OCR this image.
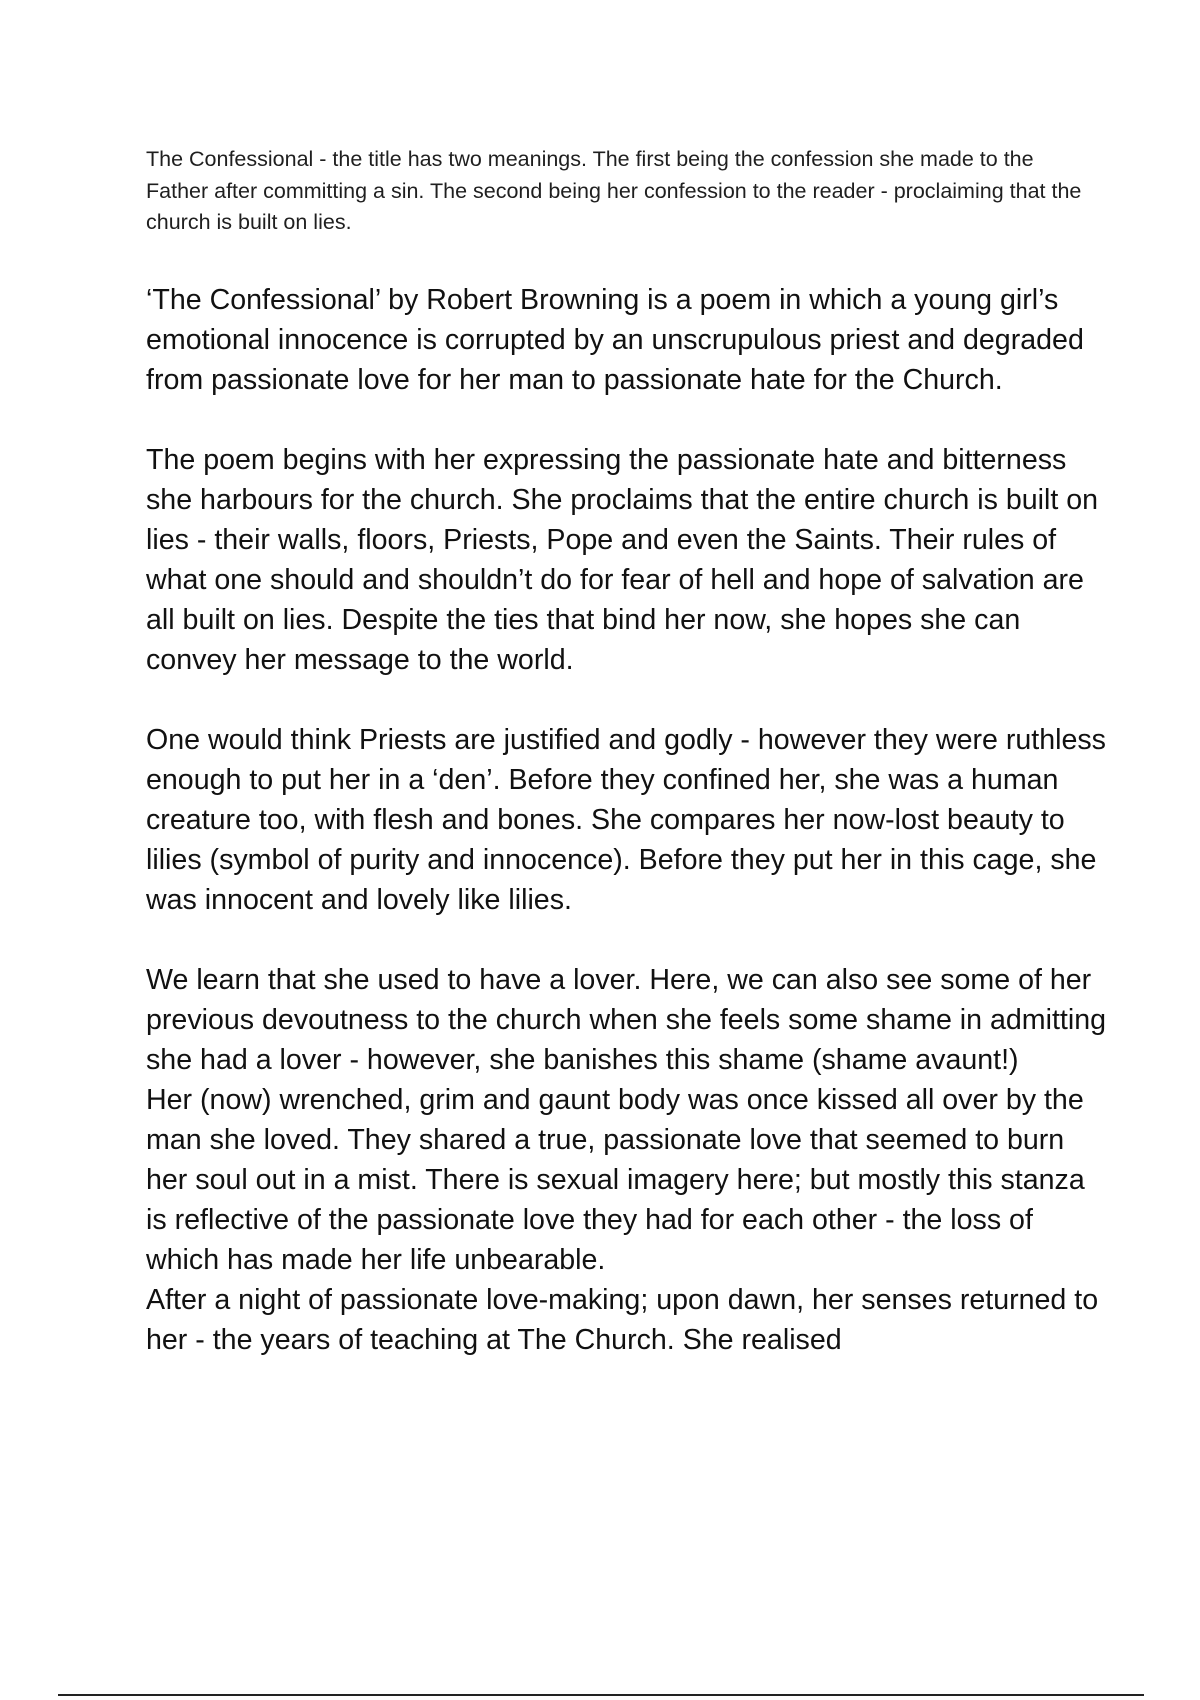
The Confessional - the title has two meanings. The first being the confession she made to the Father after committing a sin. The second being her confession to the reader - proclaiming that the church is built on lies.

‘The Confessional’ by Robert Browning is a poem in which a young girl’s emotional innocence is corrupted by an unscrupulous priest and degraded from passionate love for her man to passionate hate for the Church.

The poem begins with her expressing the passionate hate and bitterness she harbours for the church. She proclaims that the entire church is built on lies - their walls, floors, Priests, Pope and even the Saints. Their rules of what one should and shouldn’t do for fear of hell and hope of salvation are all built on lies. Despite the ties that bind her now, she hopes she can convey her message to the world.

One would think Priests are justified and godly - however they were ruthless enough to put her in a ‘den’. Before they confined her, she was a human creature too, with flesh and bones. She compares her now-lost beauty to lilies (symbol of purity and innocence). Before they put her in this cage, she was innocent and lovely like lilies.

We learn that she used to have a lover. Here, we can also see some of her previous devoutness to the church when she feels some shame in admitting she had a lover - however, she banishes this shame (shame avaunt!)

Her (now) wrenched, grim and gaunt body was once kissed all over by the man she loved. They shared a true, passionate love that seemed to burn her soul out in a mist. There is sexual imagery here; but mostly this stanza is reflective of the passionate love they had for each other - the loss of which has made her life unbearable.

After a night of passionate love-making; upon dawn, her senses returned to her - the years of teaching at The Church. She realised
